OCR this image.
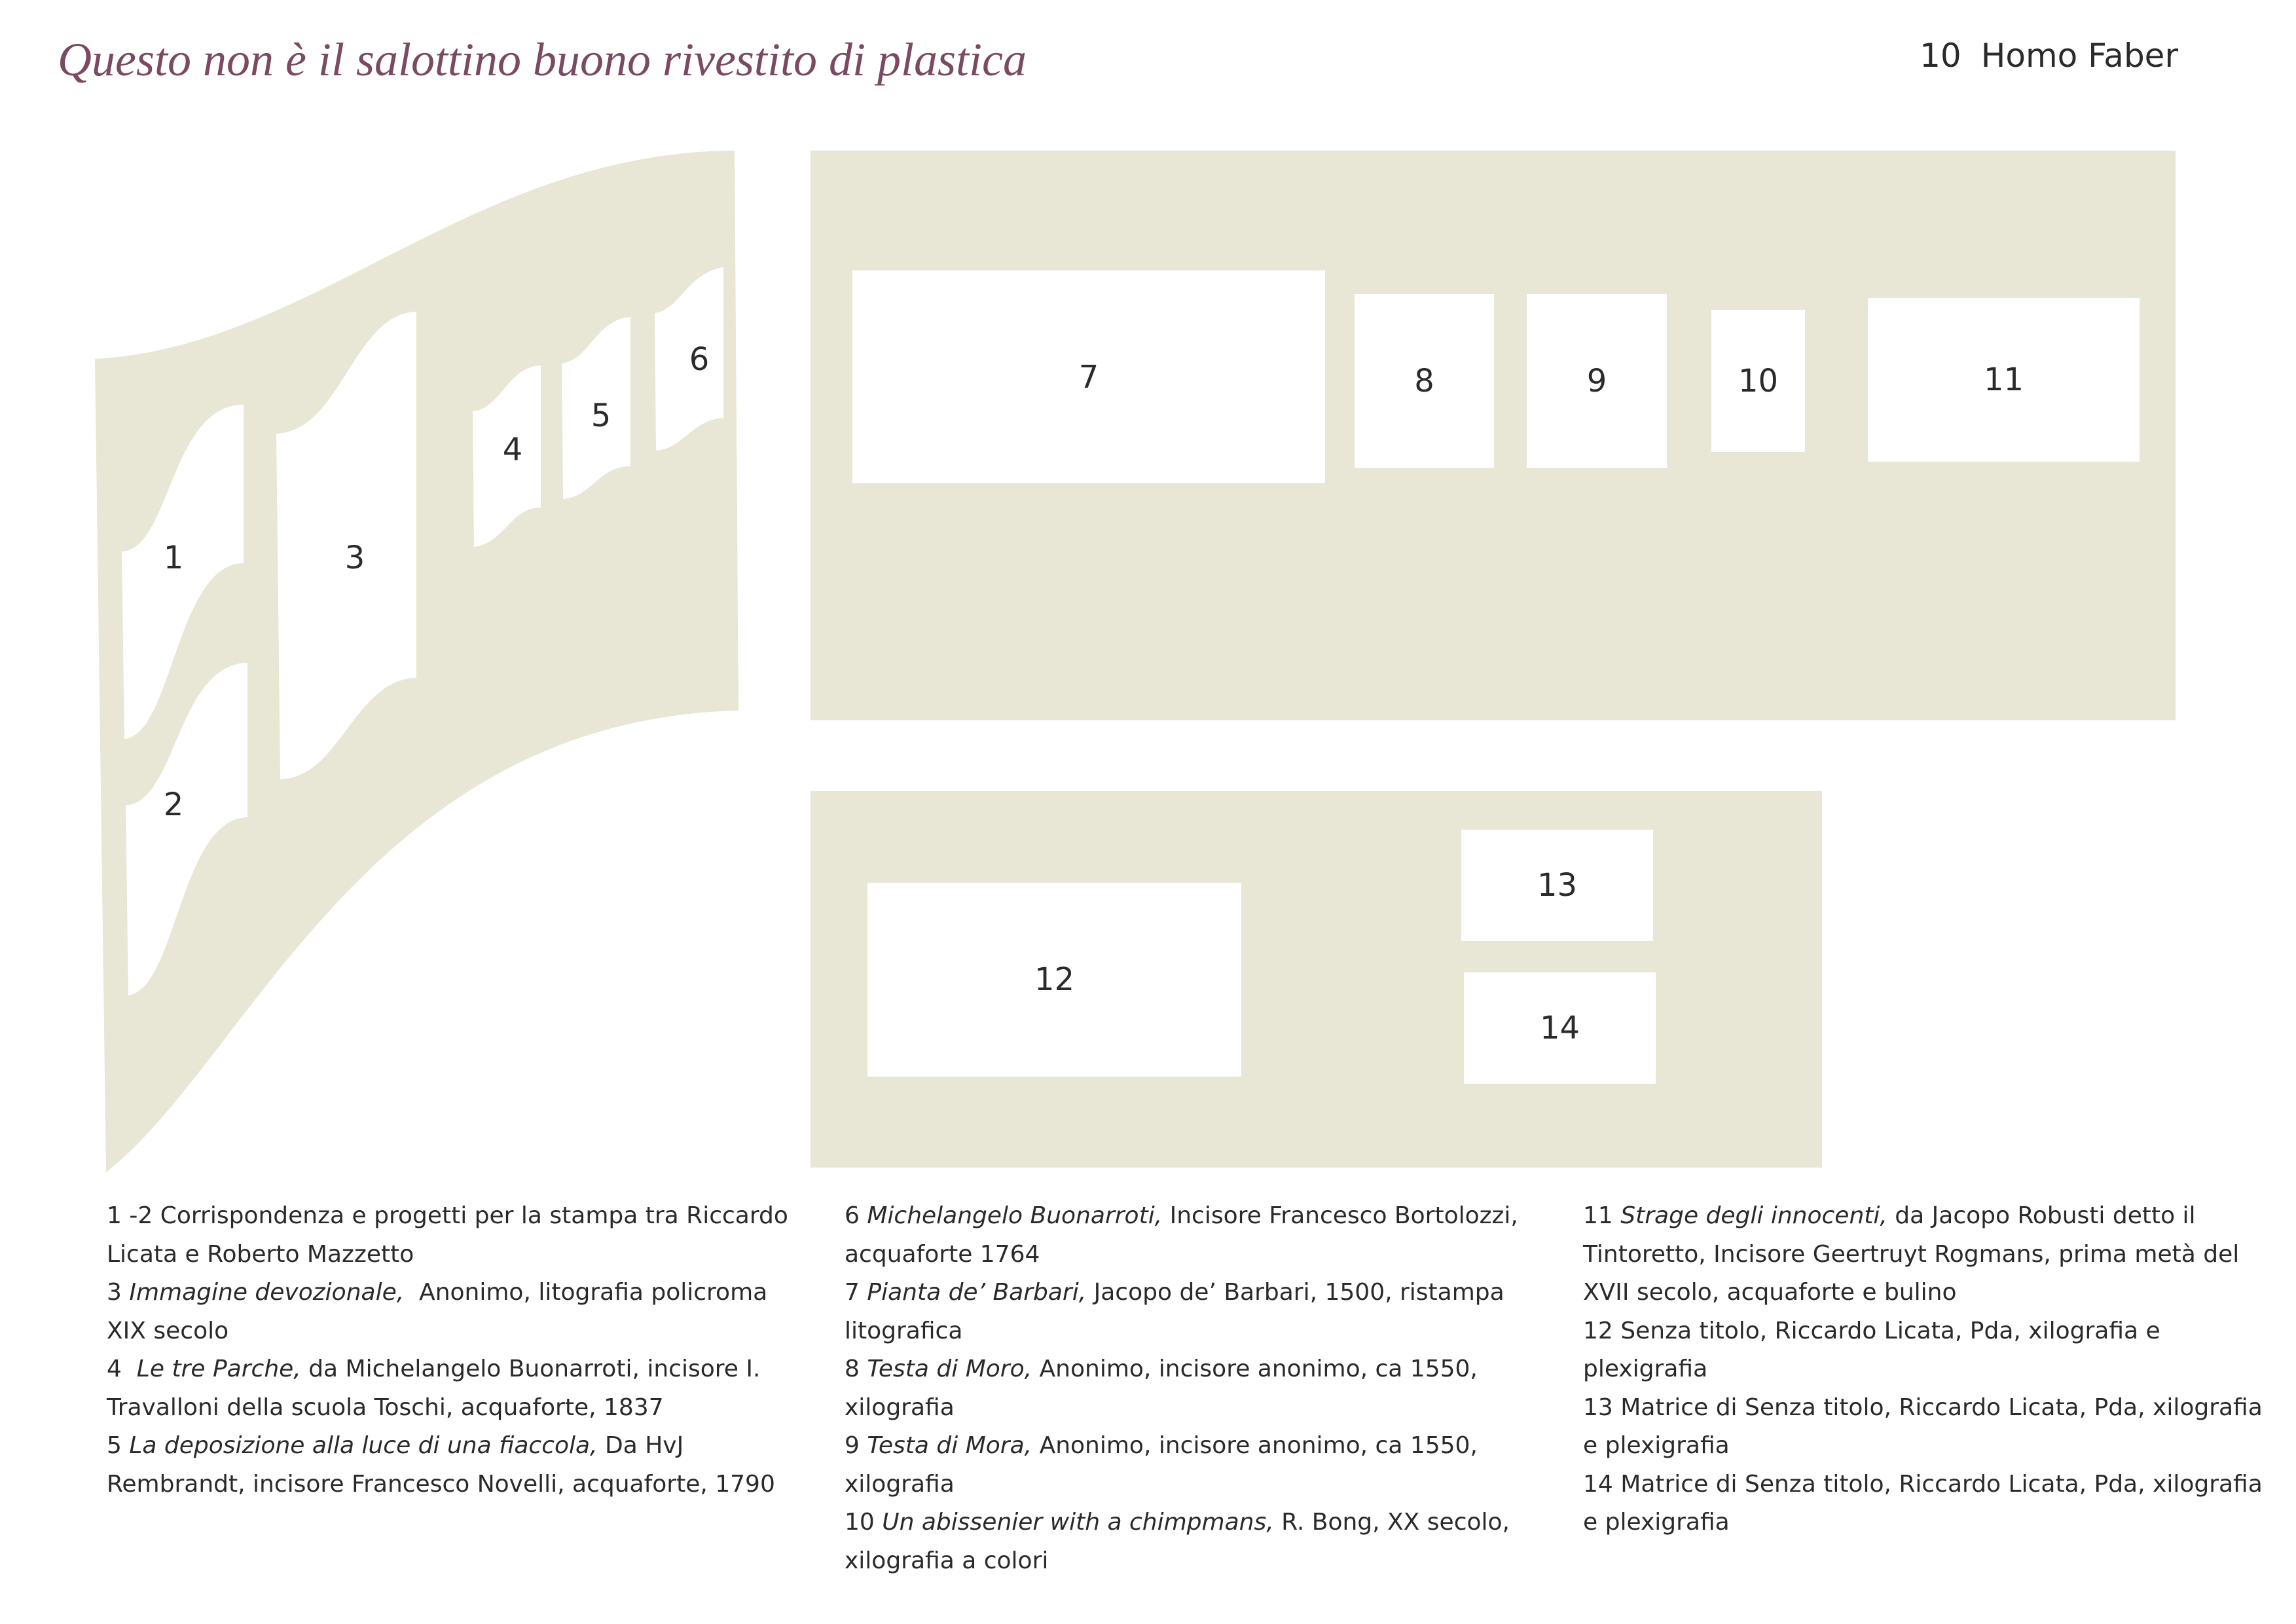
Questo non è il salottino buono rivestito di plastica	10 Homo Faber
1
2
3
4
5
6	7	8	9	10	11
12
13
14

1 -2 Corrispondenza e progetti per la stampa tra Riccardo Licata e Roberto Mazzetto

3 Immagine devozionale, Anonimo, litografia policroma XIX secolo

4 Le tre Parche, da Michelangelo Buonarroti, incisore I. Travalloni della scuola Toschi, acquaforte, 1837

5 La deposizione alla luce di una fiaccola, Da HvJ Rembrandt, incisore Francesco Novelli, acquaforte, 1790

6 Michelangelo Buonarroti, Incisore Francesco Bortolozzi, acquaforte 1764

7 Pianta de’ Barbari, Jacopo de’ Barbari, 1500, ristampa litografica

8 Testa di Moro, Anonimo, incisore anonimo, ca 1550, xilografia

9 Testa di Mora, Anonimo, incisore anonimo, ca 1550, xilografia

10 Un abissenier with a chimpmans, R. Bong, XX secolo, xilografia a colori

11 Strage degli innocenti, da Jacopo Robusti detto il Tintoretto, Incisore Geertruyt Rogmans, prima metà del XVII secolo, acquaforte e bulino

12 Senza titolo, Riccardo Licata, Pda, xilografia e plexigrafia

13 Matrice di Senza titolo, Riccardo Licata, Pda, xilografia e plexigrafia

14 Matrice di Senza titolo, Riccardo Licata, Pda, xilografia e plexigrafia
